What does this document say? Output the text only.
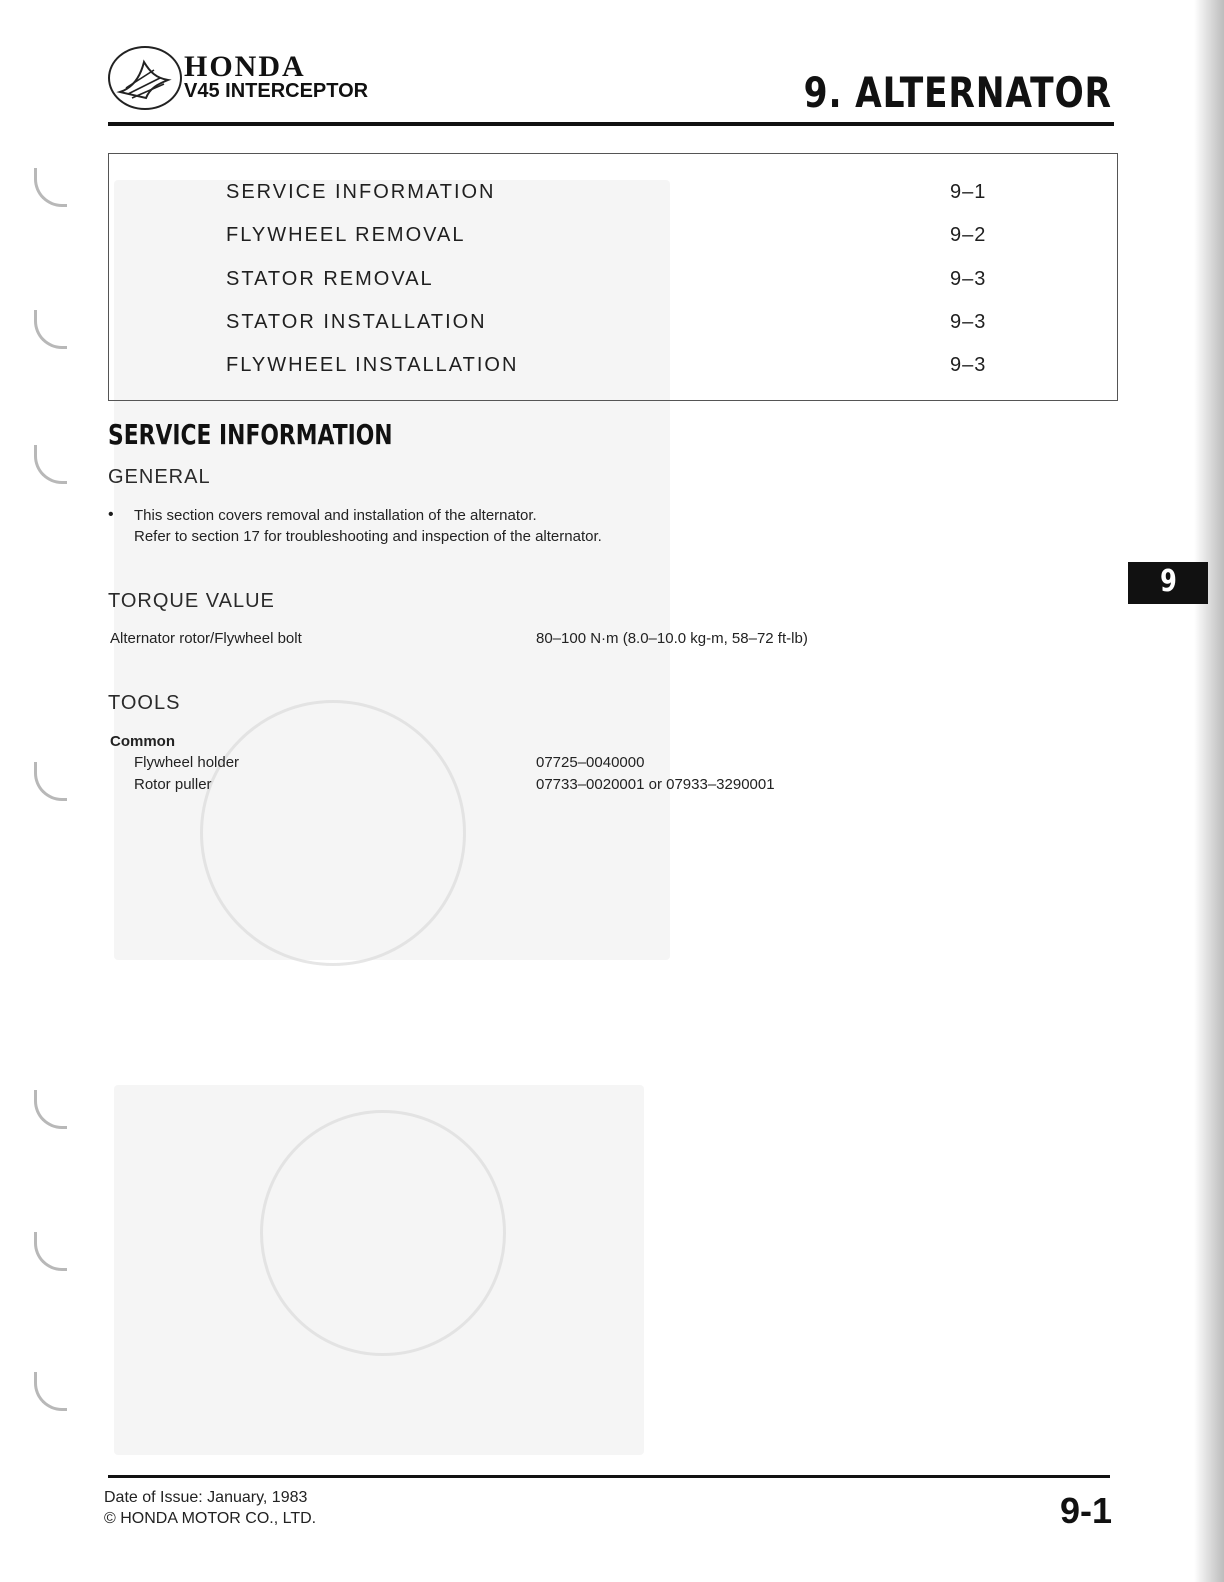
HONDA
V45 INTERCEPTOR	9. ALTERNATOR
SERVICE INFORMATION	9–1
FLYWHEEL REMOVAL	9–2
STATOR REMOVAL	9–3
STATOR INSTALLATION	9–3
FLYWHEEL INSTALLATION	9–3
SERVICE INFORMATION
GENERAL
• This section covers removal and installation of the alternator.
Refer to section 17 for troubleshooting and inspection of the alternator.
TORQUE VALUE
Alternator rotor/Flywheel bolt	80–100 N·m (8.0–10.0 kg-m, 58–72 ft-lb)
TOOLS
Common
Flywheel holder	07725–0040000
Rotor puller	07733–0020001 or 07933–3290001
9
Date of Issue: January, 1983
© HONDA MOTOR CO., LTD.	9-1
